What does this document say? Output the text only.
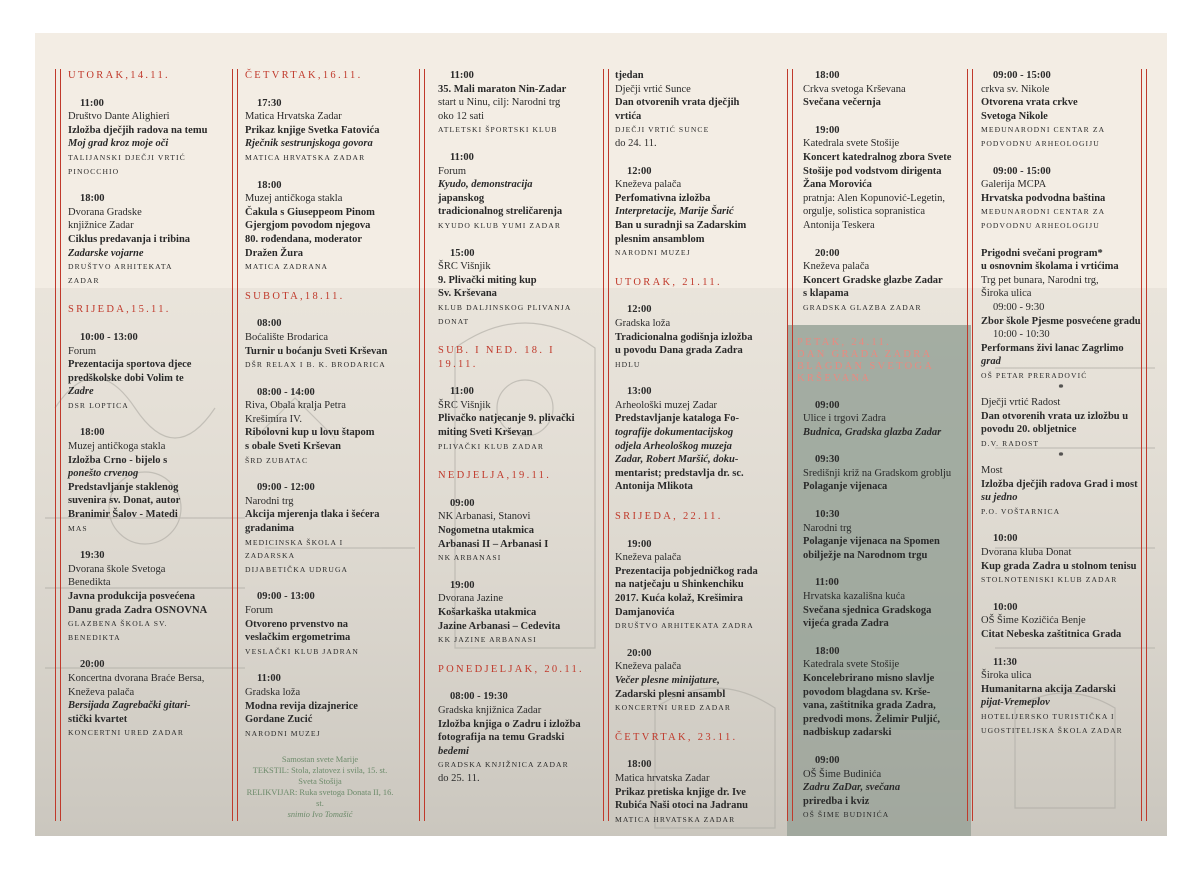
UTORAK,14.11.
11:00
Društvo Dante Alighieri
Izložba dječjih radova na temu
Moj grad kroz moje oči
TALIJANSKI DJEČJI VRTIĆ
PINOCCHIO
18:00
Dvorana Gradske
knjižnice Zadar
Ciklus predavanja i tribina
Zadarske vojarne
DRUŠTVO ARHITEKATA
ZADAR
SRIJEDA,15.11.
10:00 - 13:00
Forum
Prezentacija sportova djece
predškolske dobi Volim te
Zadre
DSR LOPTICA
18:00
Muzej antičkoga stakla
Izložba Crno - bijelo s
ponešto crvenog
Predstavljanje staklenog
suvenira sv. Donat, autor
Branimir Šalov - Matedi
MAS
19:30
Dvorana škole Svetoga
Benedikta
Javna produkcija posvećena
Danu grada Zadra OSNOVNA
GLAZBENA ŠKOLA SV.
BENEDIKTA
20:00
Koncertna dvorana Braće Bersa,
Kneževa palača
Bersijada Zagrebački gitari-
stički kvartet
KONCERTNI URED ZADAR
ČETVRTAK,16.11.
17:30
Matica Hrvatska Zadar
Prikaz knjige Svetka Fatovića
Rječnik sestrunjskoga govora
MATICA HRVATSKA ZADAR
18:00
Muzej antičkoga stakla
Čakula s Giuseppeom Pinom
Gjergjom povodom njegova
80. rođendana, moderator
Dražen Žura
MATICA ZADRANA
SUBOTA,18.11.
08:00
Boćalište Brodarica
Turnir u boćanju Sveti Krševan
DŠR RELAX I B. K. BRODARICA
08:00 - 14:00
Riva, Obala kralja Petra
Krešimira IV.
Ribolovni kup u lovu štapom
s obale Sveti Krševan
ŠRD ZUBATAC
09:00 - 12:00
Narodni trg
Akcija mjerenja tlaka i šećera
gradanima
MEDICINSKA ŠKOLA I ZADARSKA
DIJABETIČKA UDRUGA
09:00 - 13:00
Forum
Otvoreno prvenstvo na
veslačkim ergometrima
VESLAČKI KLUB JADRAN
11:00
Gradska loža
Modna revija dizajnerice
Gordane Zucić
NARODNI MUZEJ
Samostan svete Marije
TEKSTIL: Stola, zlatovez i svila, 15. st.
Sveta Stošija
RELIKVIJAR: Ruka svetoga Donata II, 16. st.
snimio Ivo Tomašić
11:00
35. Mali maraton Nin-Zadar
start u Ninu, cilj: Narodni trg
oko 12 sati
ATLETSKI ŠPORTSKI KLUB
11:00
Forum
Kyudo, demonstracija
japanskog
tradicionalnog streličarenja
KYUDO KLUB YUMI ZADAR
15:00
ŠRC Višnjik
9. Plivački miting kup
Sv. Krševana
KLUB DALJINSKOG PLIVANJA
DONAT
SUB. I NED. 18. I 19.11.
11:00
ŠRC Višnjik
Plivačko natjecanje 9. plivački
miting Sveti Krševan
PLIVAČKI KLUB ZADAR
NEDJELJA,19.11.
09:00
NK Arbanasi, Stanovi
Nogometna utakmica
Arbanasi II – Arbanasi I
NK ARBANASI
19:00
Dvorana Jazine
Košarkaška utakmica
Jazine Arbanasi – Cedevita
KK JAZINE ARBANASI
PONEDJELJAK, 20.11.
08:00 - 19:30
Gradska knjižnica Zadar
Izložba knjiga o Zadru i izložba
fotografija na temu Gradski
bedemi
GRADSKA KNJIŽNICA ZADAR
do 25. 11.
tjedan
Dječji vrtić Sunce
Dan otvorenih vrata dječjih vrtića
DJEČJI VRTIĆ SUNCE
do 24. 11.
12:00
Kneževa palača
Perfomativna izložba
Interpretacije, Marije Šarić
Ban u suradnji sa Zadarskim
plesnim ansamblom
NARODNI MUZEJ
UTORAK, 21.11.
12:00
Gradska loža
Tradicionalna godišnja izložba
u povodu Dana grada Zadra
HDLU
13:00
Arheološki muzej Zadar
Predstavljanje kataloga Fo-
tografije dokumentacijskog
odjela Arheološkog muzeja
Zadar, Robert Maršić, doku-
mentarist; predstavlja dr. sc.
Antonija Mlikota
SRIJEDA, 22.11.
19:00
Kneževa palača
Prezentacija pobjedničkog rada
na natječaju u Shinkenchiku
2017. Kuća kolaž, Krešimira
Damjanovića
DRUŠTVO ARHITEKATA ZADRA
20:00
Kneževa palača
Večer plesne minijature,
Zadarski plesni ansambl
KONCERTNI URED ZADAR
ČETVRTAK, 23.11.
18:00
Matica hrvatska Zadar
Prikaz pretiska knjige dr. Ive
Rubića Naši otoci na Jadranu
MATICA HRVATSKA ZADAR
18:00
Crkva svetoga Krševana
Svečana večernja
19:00
Katedrala svete Stošije
Koncert katedralnog zbora Svete
Stošije pod vodstvom dirigenta
Žana Morovića
pratnja: Alen Kopunović-Legetin,
orgulje, solistica sopranistica
Antonija Teskera
20:00
Kneževa palača
Koncert Gradske glazbe Zadar
s klapama
GRADSKA GLAZBA ZADAR
PETAK, 24.11.
DAN GRADA ZADRA
BLAGDAN SVETOGA
KRŠEVANA
09:00
Ulice i trgovi Zadra
Budnica, Gradska glazba Zadar
09:30
Središnji križ na Gradskom groblju
Polaganje vijenaca
10:30
Narodni trg
Polaganje vijenaca na Spomen
obilježje na Narodnom trgu
11:00
Hrvatska kazališna kuća
Svečana sjednica Gradskoga
vijeća grada Zadra
18:00
Katedrala svete Stošije
Koncelebrirano misno slavlje
povodom blagdana sv. Krše-
vana, zaštitnika grada Zadra,
predvodi mons. Želimir Puljić,
nadbiskup zadarski
09:00
OŠ Šime Budinića
Zadru ZaDar, svečana
priredba i kviz
OŠ ŠIME BUDINIĆA
09:00 - 15:00
crkva sv. Nikole
Otvorena vrata crkve
Svetoga Nikole
MEĐUNARODNI CENTAR ZA
PODVODNU ARHEOLOGIJU
09:00 - 15:00
Galerija MCPA
Hrvatska podvodna baština
MEĐUNARODNI CENTAR ZA
PODVODNU ARHEOLOGIJU
Prigodni svečani program*
u osnovnim školama i vrtićima
Trg pet bunara, Narodni trg,
Široka ulica
09:00 - 9:30
Zbor škole Pjesme posvećene gradu
10:00 - 10:30
Performans živi lanac Zagrlimo
grad
OŠ PETAR PRERADOVIĆ
*
Dječji vrtić Radost
Dan otvorenih vrata uz izložbu u
povodu 20. obljetnice
D.V. RADOST
*
Most
Izložba dječjih radova Grad i most
su jedno
P.O. VOŠTARNICA
10:00
Dvorana kluba Donat
Kup grada Zadra u stolnom tenisu
STOLNOTENISKI KLUB ZADAR
10:00
OŠ Šime Kozičića Benje
Citat Nebeska zaštitnica Grada
11:30
Široka ulica
Humanitarna akcija Zadarski
pijat-Vremeplov
HOTELIJERSKO TURISTIČKA I
UGOSTITELJSKA ŠKOLA ZADAR
